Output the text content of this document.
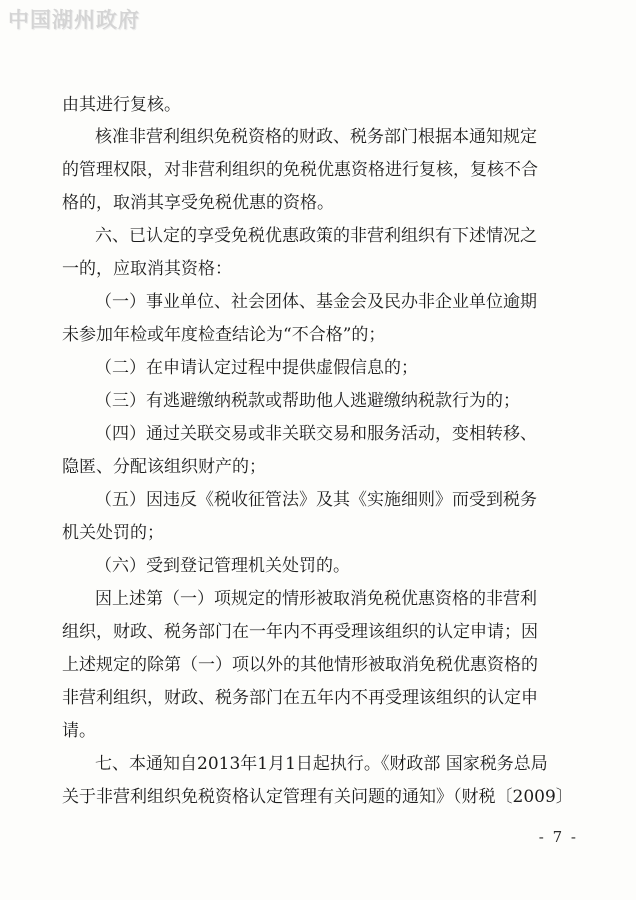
中国湖州政府
由其进行复核。
核准非营利组织免税资格的财政、税务部门根据本通知规定
的管理权限，对非营利组织的免税优惠资格进行复核，复核不合
格的，取消其享受免税优惠的资格。
六、已认定的享受免税优惠政策的非营利组织有下述情况之
一的，应取消其资格：
（一）事业单位、社会团体、基金会及民办非企业单位逾期
未参加年检或年度检查结论为“不合格”的；
（二）在申请认定过程中提供虚假信息的；
（三）有逃避缴纳税款或帮助他人逃避缴纳税款行为的；
（四）通过关联交易或非关联交易和服务活动，变相转移、
隐匿、分配该组织财产的；
（五）因违反《税收征管法》及其《实施细则》而受到税务
机关处罚的；
（六）受到登记管理机关处罚的。
因上述第（一）项规定的情形被取消免税优惠资格的非营利
组织，财政、税务部门在一年内不再受理该组织的认定申请；因
上述规定的除第（一）项以外的其他情形被取消免税优惠资格的
非营利组织，财政、税务部门在五年内不再受理该组织的认定申
请。
七、本通知自2013年1月1日起执行。《财政部 国家税务总局
关于非营利组织免税资格认定管理有关问题的通知》（财税〔2009〕
- 7 -
